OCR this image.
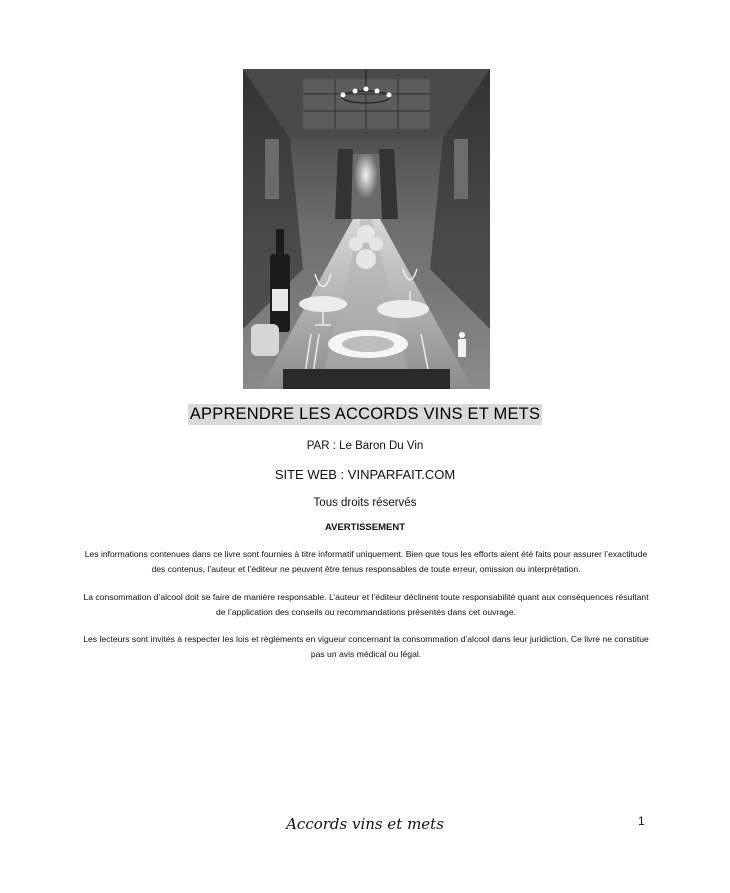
APPRENDRE LES ACCORDS VINS ET METS
PAR : Le Baron Du Vin
SITE WEB : VINPARFAIT.COM
Tous droits réservés
AVERTISSEMENT
Les informations contenues dans ce livre sont fournies à titre informatif uniquement. Bien que tous les efforts aient été faits pour assurer l’exactitude des contenus, l’auteur et l’éditeur ne peuvent être tenus responsables de toute erreur, omission ou interprétation.
La consommation d’alcool doit se faire de manière responsable. L’auteur et l’éditeur déclinent toute responsabilité quant aux conséquences résultant de l’application des conseils ou recommandations présentés dans cet ouvrage.
Les lecteurs sont invités à respecter les lois et règlements en vigueur concernant la consommation d’alcool dans leur juridiction. Ce livre ne constitue pas un avis médical ou légal.
Accords vins et mets	1
